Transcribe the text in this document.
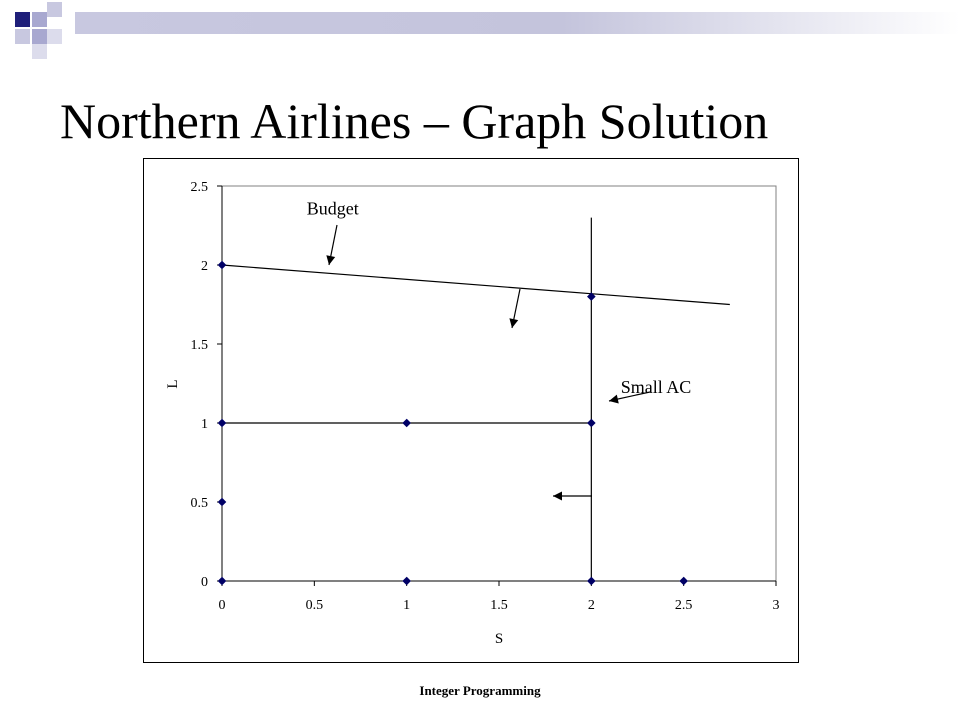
Northern Airlines – Graph Solution
0	0.5	1	1.5	2	2.5	3
0
0.5
1
1.5
2
2.5
S
L
Budget
Small AC
Integer Programming
